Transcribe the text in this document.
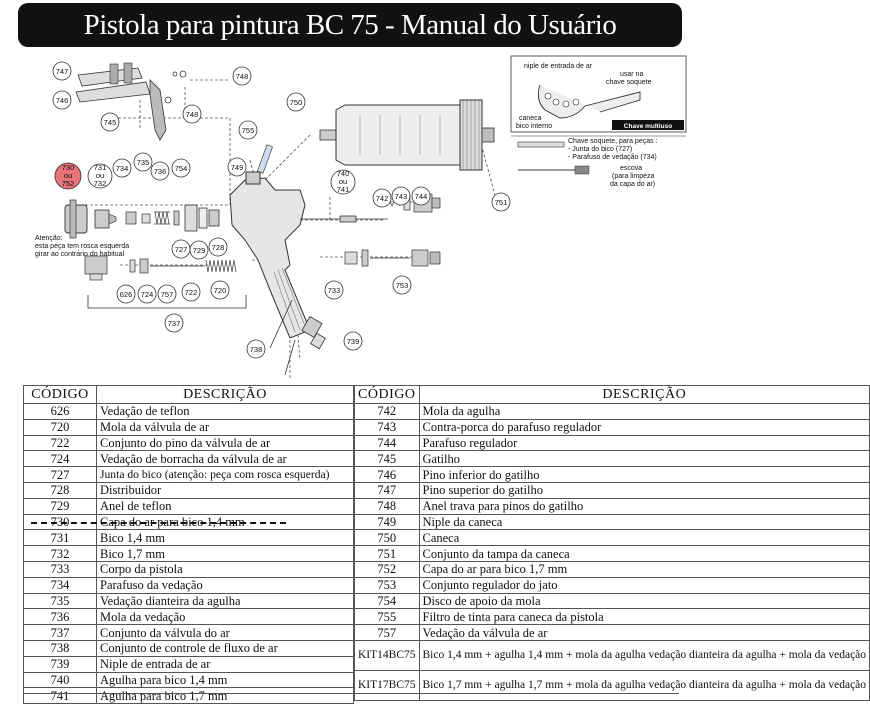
Pistola para pintura BC 75 - Manual do Usuário
747
748
746
745
748
750
755
730
ou
752
731
ou
732
734
735
736 754	749
740
ou
741
742 743 744
751
727 729 728
626 724 757 722 720
753
733
737
738
739
Atenção:
esta peça tem rosca esquerda
girar ao contrário do habitual
Chave multiuso
niple de entrada de ar
usar na
chave soquete
caneca
bico interno
Chave soquete, para peças :
- Junta do bico (727)
- Parafuso de vedação (734)
escova
(para limpeza
da capa do ar)
CÓDIGO	DESCRIÇÃO
626	Vedação de teflon
720	Mola da válvula de ar
722	Conjunto do pino da válvula de ar
724	Vedação de borracha da válvula de ar
727	Junta do bico (atenção: peça com rosca esquerda)
728	Distribuidor
729	Anel de teflon
730	Capa do ar para bico 1,4 mm
731	Bico 1,4 mm
732	Bico 1,7 mm
733	Corpo da pistola
734	Parafuso da vedação
735	Vedação dianteira da agulha
736	Mola da vedação
737	Conjunto da válvula do ar
738	Conjunto de controle de fluxo de ar
739	Niple de entrada de ar
740	Agulha para bico 1,4 mm
741	Agulha para bico 1,7 mm
CÓDIGO	DESCRIÇÃO
742	Mola da agulha
743	Contra-porca do parafuso regulador
744	Parafuso regulador
745	Gatilho
746	Pino inferior do gatilho
747	Pino superior do gatilho
748	Anel trava para pinos do gatilho
749	Niple da caneca
750	Caneca
751	Conjunto da tampa da caneca
752	Capa do ar para bico 1,7 mm
753	Conjunto regulador do jato
754	Disco de apoio da mola
755	Filtro de tinta para caneca da pistola
757	Vedação da válvula de ar
KIT14BC75	Bico 1,4 mm + agulha 1,4 mm + mola da agulha vedação dianteira da agulha + mola da vedação
KIT17BC75	Bico 1,7 mm + agulha 1,7 mm + mola da agulha vedação dianteira da agulha + mola da vedação
